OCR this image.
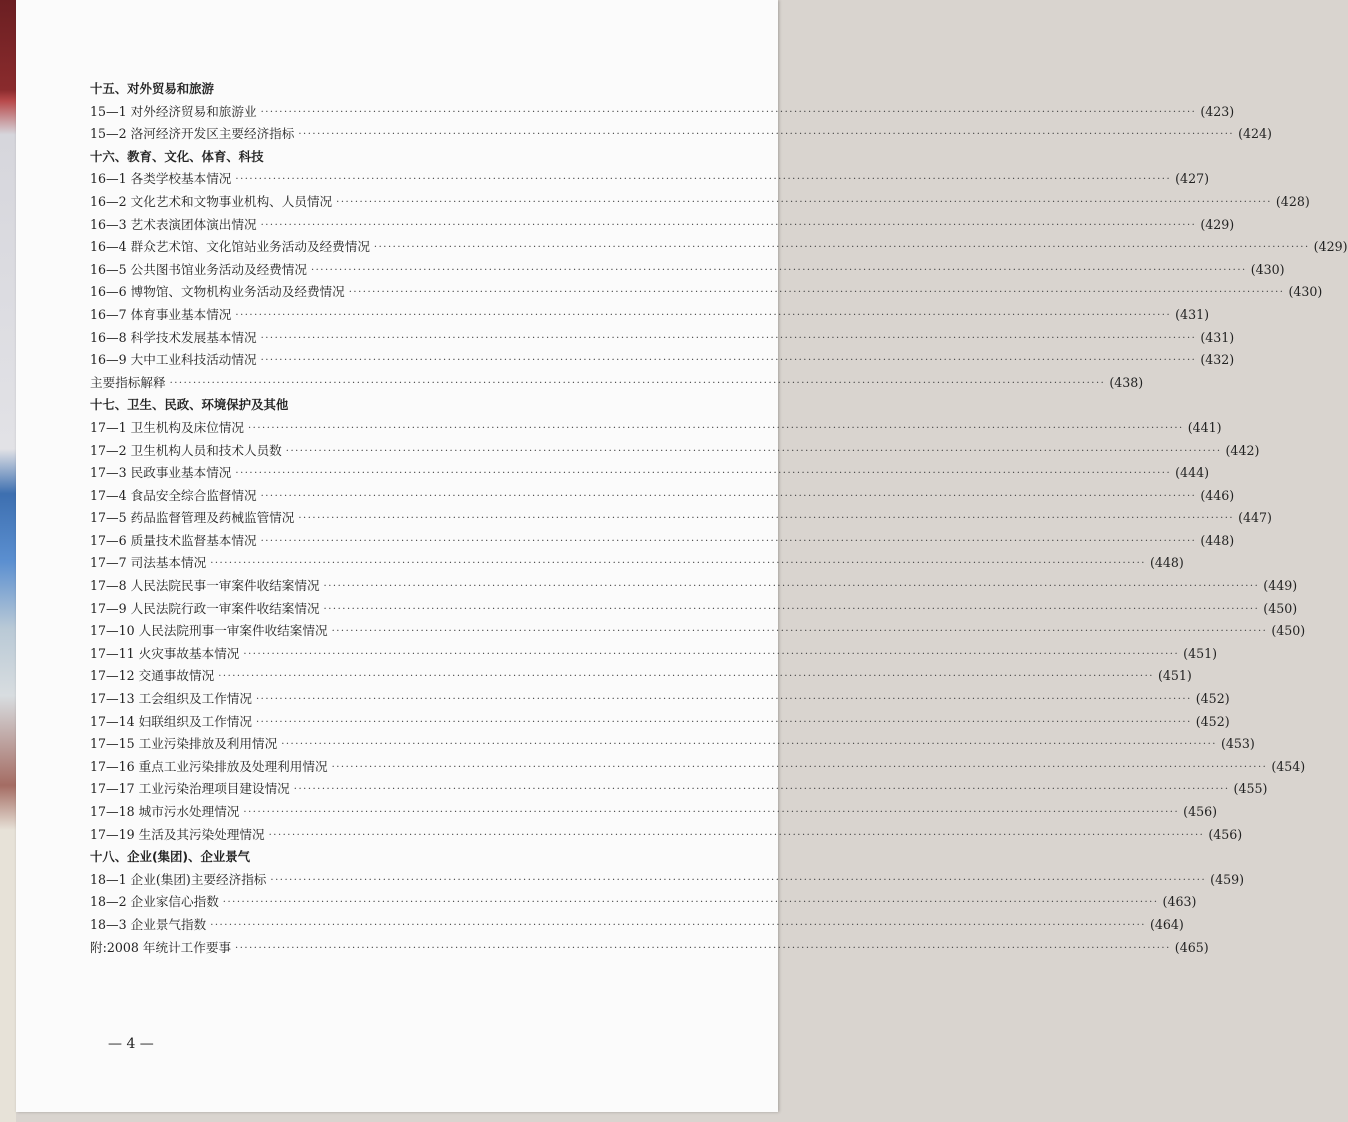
十五、对外贸易和旅游
15—1 对外经济贸易和旅游业 ········································································································································································································ (423)
15—2 洛河经济开发区主要经济指标 ········································································································································································································ (424)
十六、教育、文化、体育、科技
16—1 各类学校基本情况 ········································································································································································································ (427)
16—2 文化艺术和文物事业机构、人员情况 ········································································································································································································ (428)
16—3 艺术表演团体演出情况 ········································································································································································································ (429)
16—4 群众艺术馆、文化馆站业务活动及经费情况 ········································································································································································································ (429)
16—5 公共图书馆业务活动及经费情况 ········································································································································································································ (430)
16—6 博物馆、文物机构业务活动及经费情况 ········································································································································································································ (430)
16—7 体育事业基本情况 ········································································································································································································ (431)
16—8 科学技术发展基本情况 ········································································································································································································ (431)
16—9 大中工业科技活动情况 ········································································································································································································ (432)
主要指标解释 ········································································································································································································ (438)
十七、卫生、民政、环境保护及其他
17—1 卫生机构及床位情况 ········································································································································································································ (441)
17—2 卫生机构人员和技术人员数 ········································································································································································································ (442)
17—3 民政事业基本情况 ········································································································································································································ (444)
17—4 食品安全综合监督情况 ········································································································································································································ (446)
17—5 药品监督管理及药械监管情况 ········································································································································································································ (447)
17—6 质量技术监督基本情况 ········································································································································································································ (448)
17—7 司法基本情况 ········································································································································································································ (448)
17—8 人民法院民事一审案件收结案情况 ········································································································································································································ (449)
17—9 人民法院行政一审案件收结案情况 ········································································································································································································ (450)
17—10 人民法院刑事一审案件收结案情况 ········································································································································································································ (450)
17—11 火灾事故基本情况 ········································································································································································································ (451)
17—12 交通事故情况 ········································································································································································································ (451)
17—13 工会组织及工作情况 ········································································································································································································ (452)
17—14 妇联组织及工作情况 ········································································································································································································ (452)
17—15 工业污染排放及利用情况 ········································································································································································································ (453)
17—16 重点工业污染排放及处理利用情况 ········································································································································································································ (454)
17—17 工业污染治理项目建设情况 ········································································································································································································ (455)
17—18 城市污水处理情况 ········································································································································································································ (456)
17—19 生活及其污染处理情况 ········································································································································································································ (456)
十八、企业(集团)、企业景气
18—1 企业(集团)主要经济指标 ········································································································································································································ (459)
18—2 企业家信心指数 ········································································································································································································ (463)
18—3 企业景气指数 ········································································································································································································ (464)
附:2008 年统计工作要事 ········································································································································································································ (465)
— 4 —
